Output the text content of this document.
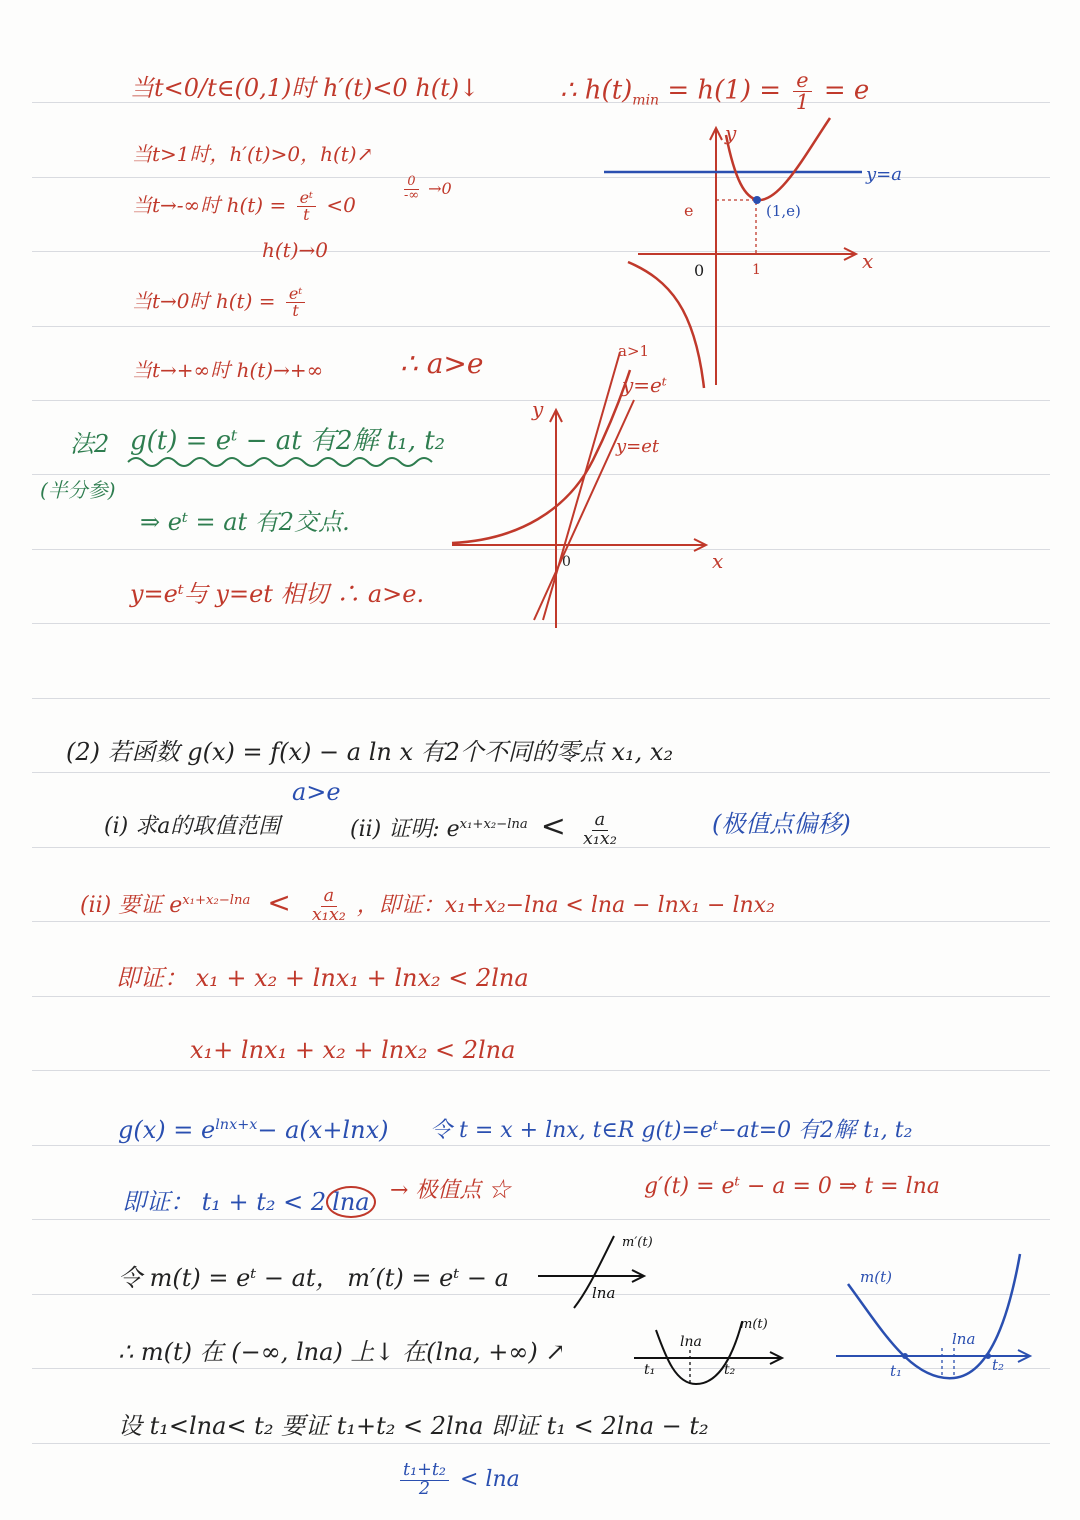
当t<0/t∈(0,1)时 h′(t)<0 h(t)↓	∴ $h(t)_{min} = h(1) = \frac{e}{1} = e$
当t>1时，h′(t)>0，h(t)↗
当t→-∞时 $h(t) = \frac{\text{eᵗ}}{t} <0$
$\frac{0}{-\infty} \to 0$
h(t)→0
当t→0时 $h(t) = \frac{\text{eᵗ}}{t}$
当t→+∞时 h(t)→+∞	∴ a>e
y
x
0
y=a
e
1
(1,e)
法2
(半分参)
g(t) = eᵗ − at 有2解 t₁, t₂
⇒ eᵗ = at 有2交点.
y=eᵗ与 y=et 相切 ∴ a>e.
y
x
0
a>1
y=eᵗ
y=et
(2) 若函数 g(x) = f(x) − a ln x 有2个不同的零点 x₁, x₂
a>e
(i) 求a的取值范围	(ii) 证明: $e^{x_1+x_2-lna} < \frac{a}{\text{x₁x₂}}$	(极值点偏移)
(ii) 要证 $e^{x_1+x_2-lna} < \frac{a}{\text{x₁x₂}}$ ，即证：x₁+x₂−lna < lna − lnx₁ − lnx₂
即证： x₁ + x₂ + lnx₁ + lnx₂ < 2lna
x₁+ lnx₁ + x₂ + lnx₂ < 2lna
$g(x) = e^{lnx+x}- a(x+\ln x)$ 令 t = x + lnx, t∈R g(t)=eᵗ−at=0 有2解 t₁, t₂
即证： t₁ + t₂ < 2 lna → 极值点 ☆	g′(t) = eᵗ − a = 0 ⇒ t = lna
令 m(t) = eᵗ − at， m′(t) = eᵗ − a
m′(t)
lna
m(t)
lna
t₁	t₂
∴ m(t) 在 (−∞, lna) 上↓ 在(lna, +∞) ↗
m(t)
lna
t₁	t₂
设 t₁<lna< t₂ 要证 t₁+t₂ < 2lna 即证 t₁ < 2lna − t₂
$\frac{\text{t₁+t₂}}{2} < \ln a$
